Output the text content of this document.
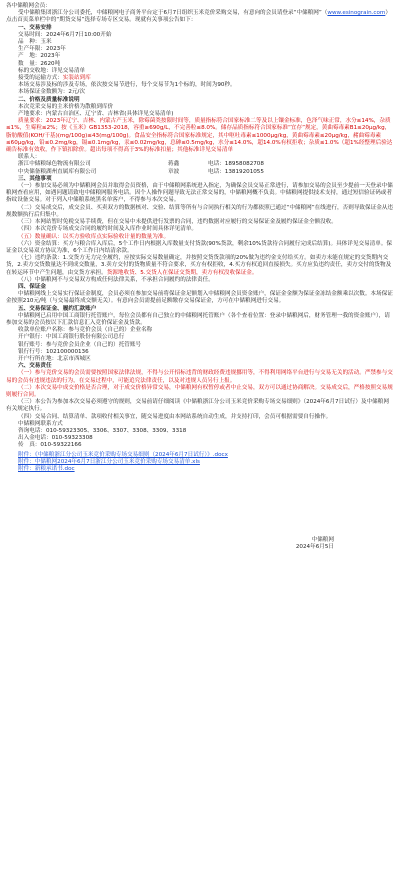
各中储粮网会员：

受中储粮集团浙江分公司委托，中储粮网电子商务平台定于6月7日组织玉米竞价采购交易，有意向的会员请登录“中储粮网”（www.esinograin.com）点击首页菜单栏中的“期货交易”选择专场专区交易。现就有关事项公告如下：

一、交易安排

交易时间：2024年6月7日10:00开始

品　种：玉米

生产年限：2023年

产　地：2023年

数　量：2620吨

标的交收地：详见交易清单

接受的运输方式：实装站到库

本场交易涉及标的涉及专场，依次按交易节进行，每个交易节为1个标的，时间为90秒。

本场保证金数额为：2元/次

二、价格及质量标准说明

本次竞采交易的主米价格为散粮到库价

产地要求：内蒙古自治区、辽宁省、吉林省(具体详见交易清单)

质量要求：2023年辽宁、吉林、内蒙古产玉米，除霉菌类按限时间等，质量指标符合国家标准二等及以上镶金标准，色泽气味正常，水分≤14%，杂质≤1%，生霉粒≤2%；按《玉米》GB1353-2018，容重≥690g/L，不完善粒≤8.0%。储存品质指标符合国家标准“宜存”规定，黄曲霉毒素B1≤20μg/kg，脂肪酸值(KOH/干基)(mg/100g)≤43(mg/100g)。食品安全指标符合国家标准规定，其中呕吐毒素≤1000μg/kg，黄曲霉毒素≤20μg/kg，赭曲霉毒素≤60μg/kg，铅≤0.2mg/kg，镉≤0.1mg/kg，汞≤0.02mg/kg，总砷≤0.5mg/kg，水分≤14.0%，超14.0%有权拒收；杂质≤1.0%（超1%经整理后验达确告标准有效收，作下镇扣除价。超出每项不得高于3%的标准扣量；其他标准详见交易清单

联系人：

浙江中储粮绿色物流有限公司	蒋鑫	电话：18958082708
中央储备粮湖州直属库有限公司	章波	电话：13819201055

三、其他事项

（一）参加交易必须为中储粮网会员并取得会员资格，由于中储粮网系统进入指定，为确保会员交易正常进行，请参加交易的会员至少提前一天登录中储粮网查看应用，如遇问题请致电中储粮网服务电话。因个人操作问题导致无法正常交易的，中储粮网概不负责。中储粮网提供技术支持，通过短信验证码或者指纹设备交易。对于列入中储粮系统黑名单客户，不得参与本次交易。

（二）交易成交后，成交会员、买卖双方的数据核对、交验、结算等所有与合同执行相关的行为都依照已通过“中储粮网”在线进行，否则导致保证金从违规数额执行后归集中。

（三）本网站暂时免税交易手续费，但在交易中未提供进行发票的合同，违约数据对应履行的交易保证金及履约保证金全额没收。

（四）本次竞价专场成交合同的履约时间及入库作业时间具体详见清单。

（五）数量确认：以买方验收库点实际验收计量的数量为准。

（六）资金结算：买方与粮合库入库后，5个工作日内根据入库数量支付货款(90%货款，剩余10%货款待合同履行完成后结算)。具体详见交易清单。保证金以交易双方协议为准，6个工作日内结清余款。

（七）违约条款：1.交货方无力完全履约，应按实际交易数量确定，并按照交货货款项的20%做为违约金支付给买方。如卖方未能在规定的交货期内交货，2.卖方交货数量达不到成交数量，3.卖方交付的货物质量不符合要求，买方有权拒收，4.买方有权追回直接损失。买方应负违约责任，卖方交付的货物及在转运环节中产生问题，由交货方承担。货源地收货、5.交货人在保证交货期，卖方有权没收保证金。

（八）中储粮网不与交易双方构成任何法律关系，不承担合同履约的法律责任。

四、保证金

中储粮网线上交易实行保证金制度，会员必须在参加交易前将保证金足额划入中储粮网会员资金账户，保证金金额为保证金冻结金额乘以次数。本场保证金按照210元/吨（与交易最终成交额无关）。有意向会员需提前足额缴存交易保证金，方可在中储粮网进行交易。

五、交易保证金、履约汇款账户

中储粮网已启用中国工商银行托管账户，每位会员都有自己独立的中储粮网托管账户（各个查看位置：登录中储粮网后，财务管理一我的资金账户），请参加交易的会员按以下汇款信息汇入竞价保证金及货款。

收款单位账户名称：参与竞价会员（自己的）企业名称

开户银行：中国工商银行股份有限公司总行

银行账号：参与竞价会员企业（自己的）托管账号

银行行号：102100000136

开户行所在地：北京市西城区

六、交易责任

（一）参与竞价交易的会员需要按照国家法律法规，不得与公开招标违背的财政经费违规挪用等，不得利用网络平台进行与交易无关的活动。严禁参与交易的会员有违规违法的行为，在交易过程中，可能追究法律责任，以及对违规人员另行上报。

（二）本次交易中成交价格是否合理，对于成交价格异常交易，中储粮网有权暂停或者中止交易，双方可以通过协商解决。交易成交后，严格按照交易规则履行合同。

（三）本公告为参加本次交易必须遵守的规则，交易前请仔细阅读《中储粮浙江分公司玉米竞价采购专场交易细则》（2024年6月7日试行）及中储粮网有关规定执行。

（四）交易合同、结算清单、款项收付相关事宜，随交易进度由本网站系统自动生成，并支持打印，会员可根据需要自行操作。

中储粮网联系方式

咨询电话：010-59323305、3306、3307、3308、3309、3318

出入金电话：010-59323308

传　真：010-59322166

附件：《中储粮浙江分公司玉米竞价采购专场交易细则（2024年6月7日试行）》.docx

附件：中储粮网2024年6月7日浙江分公司玉米竞价采购专场交易清单.xls

附件：新粮承诺书.doc

中储粮网
2024年6月5日
